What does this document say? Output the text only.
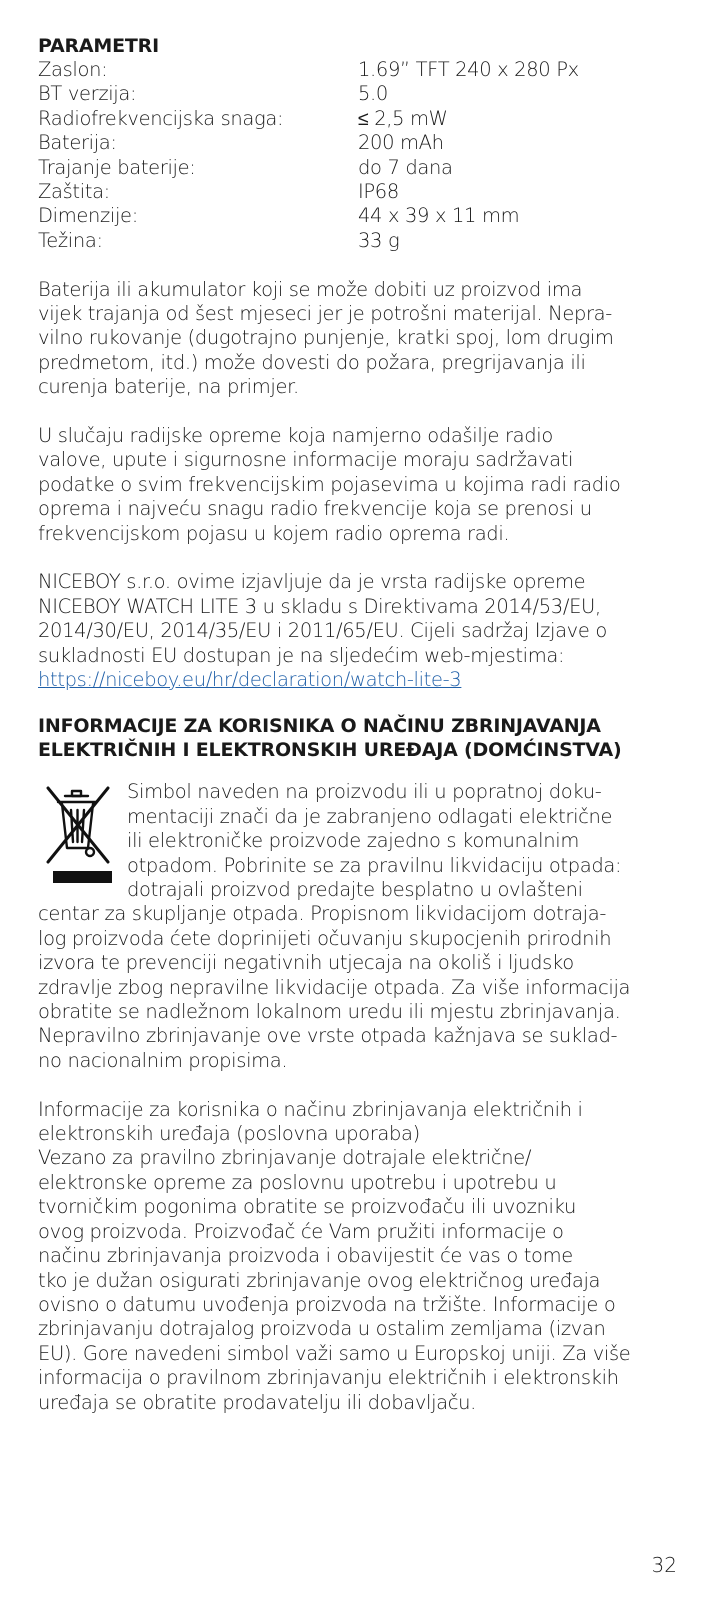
PARAMETRI
Zaslon:	1.69” TFT 240 x 280 Px
BT verzija:	5.0
Radiofrekvencijska snaga:	≤ 2,5 mW
Baterija:	200 mAh
Trajanje baterije:	do 7 dana
Zaštita:	IP68
Dimenzije:	44 x 39 x 11 mm
Težina:	33 g

Baterija ili akumulator koji se može dobiti uz proizvod ima
vijek trajanja od šest mjeseci jer je potrošni materijal. Nepra-
vilno rukovanje (dugotrajno punjenje, kratki spoj, lom drugim
predmetom, itd.) može dovesti do požara, pregrijavanja ili
curenja baterije, na primjer.

U slučaju radijske opreme koja namjerno odašilje radio
valove, upute i sigurnosne informacije moraju sadržavati
podatke o svim frekvencijskim pojasevima u kojima radi radio
oprema i najveću snagu radio frekvencije koja se prenosi u
frekvencijskom pojasu u kojem radio oprema radi.

NICEBOY s.r.o. ovime izjavljuje da je vrsta radijske opreme
NICEBOY WATCH LITE 3 u skladu s Direktivama 2014/53/EU,
2014/30/EU, 2014/35/EU i 2011/65/EU. Cijeli sadržaj Izjave o
sukladnosti EU dostupan je na sljedećim web-mjestima:

https://niceboy.eu/hr/declaration/watch-lite-3

INFORMACIJE ZA KORISNIKA O NAČINU ZBRINJAVANJA
ELEKTRIČNIH I ELEKTRONSKIH UREĐAJA (DOMĆINSTVA)

Simbol naveden na proizvodu ili u popratnoj doku-
mentaciji znači da je zabranjeno odlagati električne
ili elektroničke proizvode zajedno s komunalnim
otpadom. Pobrinite se za pravilnu likvidaciju otpada:
dotrajali proizvod predajte besplatno u ovlašteni

centar za skupljanje otpada. Propisnom likvidacijom dotraja-
log proizvoda ćete doprinijeti očuvanju skupocjenih prirodnih
izvora te prevenciji negativnih utjecaja na okoliš i ljudsko
zdravlje zbog nepravilne likvidacije otpada. Za više informacija
obratite se nadležnom lokalnom uredu ili mjestu zbrinjavanja.
Nepravilno zbrinjavanje ove vrste otpada kažnjava se suklad-
no nacionalnim propisima.

Informacije za korisnika o načinu zbrinjavanja električnih i
elektronskih uređaja (poslovna uporaba)
Vezano za pravilno zbrinjavanje dotrajale električne/
elektronske opreme za poslovnu upotrebu i upotrebu u
tvorničkim pogonima obratite se proizvođaču ili uvozniku
ovog proizvoda. Proizvođač će Vam pružiti informacije o
načinu zbrinjavanja proizvoda i obavijestit će vas o tome
tko je dužan osigurati zbrinjavanje ovog električnog uređaja
ovisno o datumu uvođenja proizvoda na tržište. Informacije o
zbrinjavanju dotrajalog proizvoda u ostalim zemljama (izvan
EU). Gore navedeni simbol važi samo u Europskoj uniji. Za više
informacija o pravilnom zbrinjavanju električnih i elektronskih
uređaja se obratite prodavatelju ili dobavljaču.

32
